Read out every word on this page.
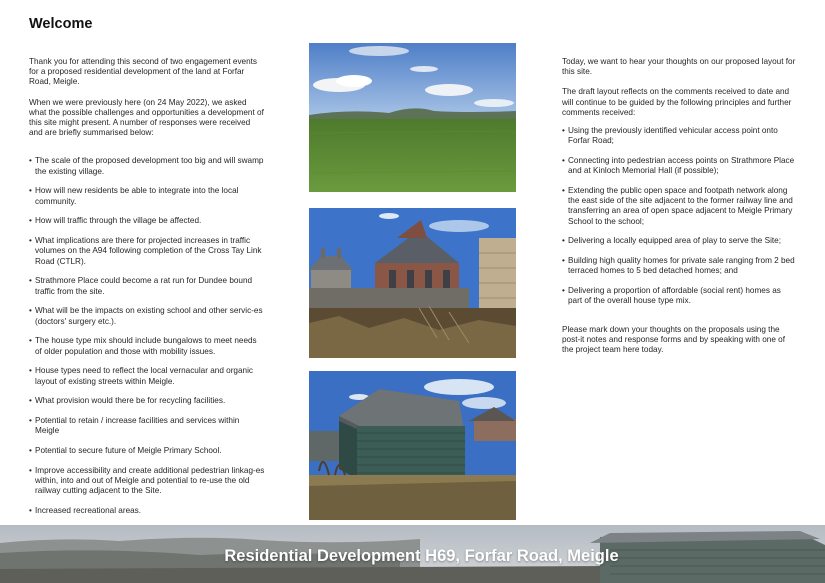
Welcome

Thank you for attending this second of two engagement events for a proposed residential development of the land at Forfar Road, Meigle.

When we were previously here (on 24 May 2022), we asked what the possible challenges and opportunities a development of this site might present. A number of responses were received and are briefly summarised below:

• The scale of the proposed development too big and will swamp the existing village.
• How will new residents be able to integrate into the local community.
• How will traffic through the village be affected.
• What implications are there for projected increases in traffic volumes on the A94 following completion of the Cross Tay Link Road (CTLR).
• Strathmore Place could become a rat run for Dundee bound traffic from the site.
• What will be the impacts on existing school and other servic-es (doctors' surgery etc.).
• The house type mix should include bungalows to meet needs of older population and those with mobility issues.
• House types need to reflect the local vernacular and organic layout of existing streets within Meigle.
• What provision would there be for recycling facilities.
• Potential to retain / increase facilities and services within Meigle
• Potential to secure future of Meigle Primary School.
• Improve accessibility and create additional pedestrian linkag-es within, into and out of Meigle and potential to re-use the old railway cutting adjacent to the Site.
• Increased recreational areas.

Today, we want to hear your thoughts on our proposed layout for this site.

The draft layout reflects on the comments received to date and will continue to be guided by the following principles and further comments received:

• Using the previously identified vehicular access point onto Forfar Road;
• Connecting into pedestrian access points on Strathmore Place and at Kinloch Memorial Hall (if possible);
• Extending the public open space and footpath network along the east side of the site adjacent to the former railway line and transferring an area of open space adjacent to Meigle Primary School to the school;
• Delivering a locally equipped area of play to serve the Site;
• Building high quality homes for private sale ranging from 2 bed terraced homes to 5 bed detached homes; and
• Delivering a proportion of affordable (social rent) homes as part of the overall house type mix.

Please mark down your thoughts on the proposals using the post-it notes and response forms and by speaking with one of the project team here today.

Residential Development H69, Forfar Road, Meigle
